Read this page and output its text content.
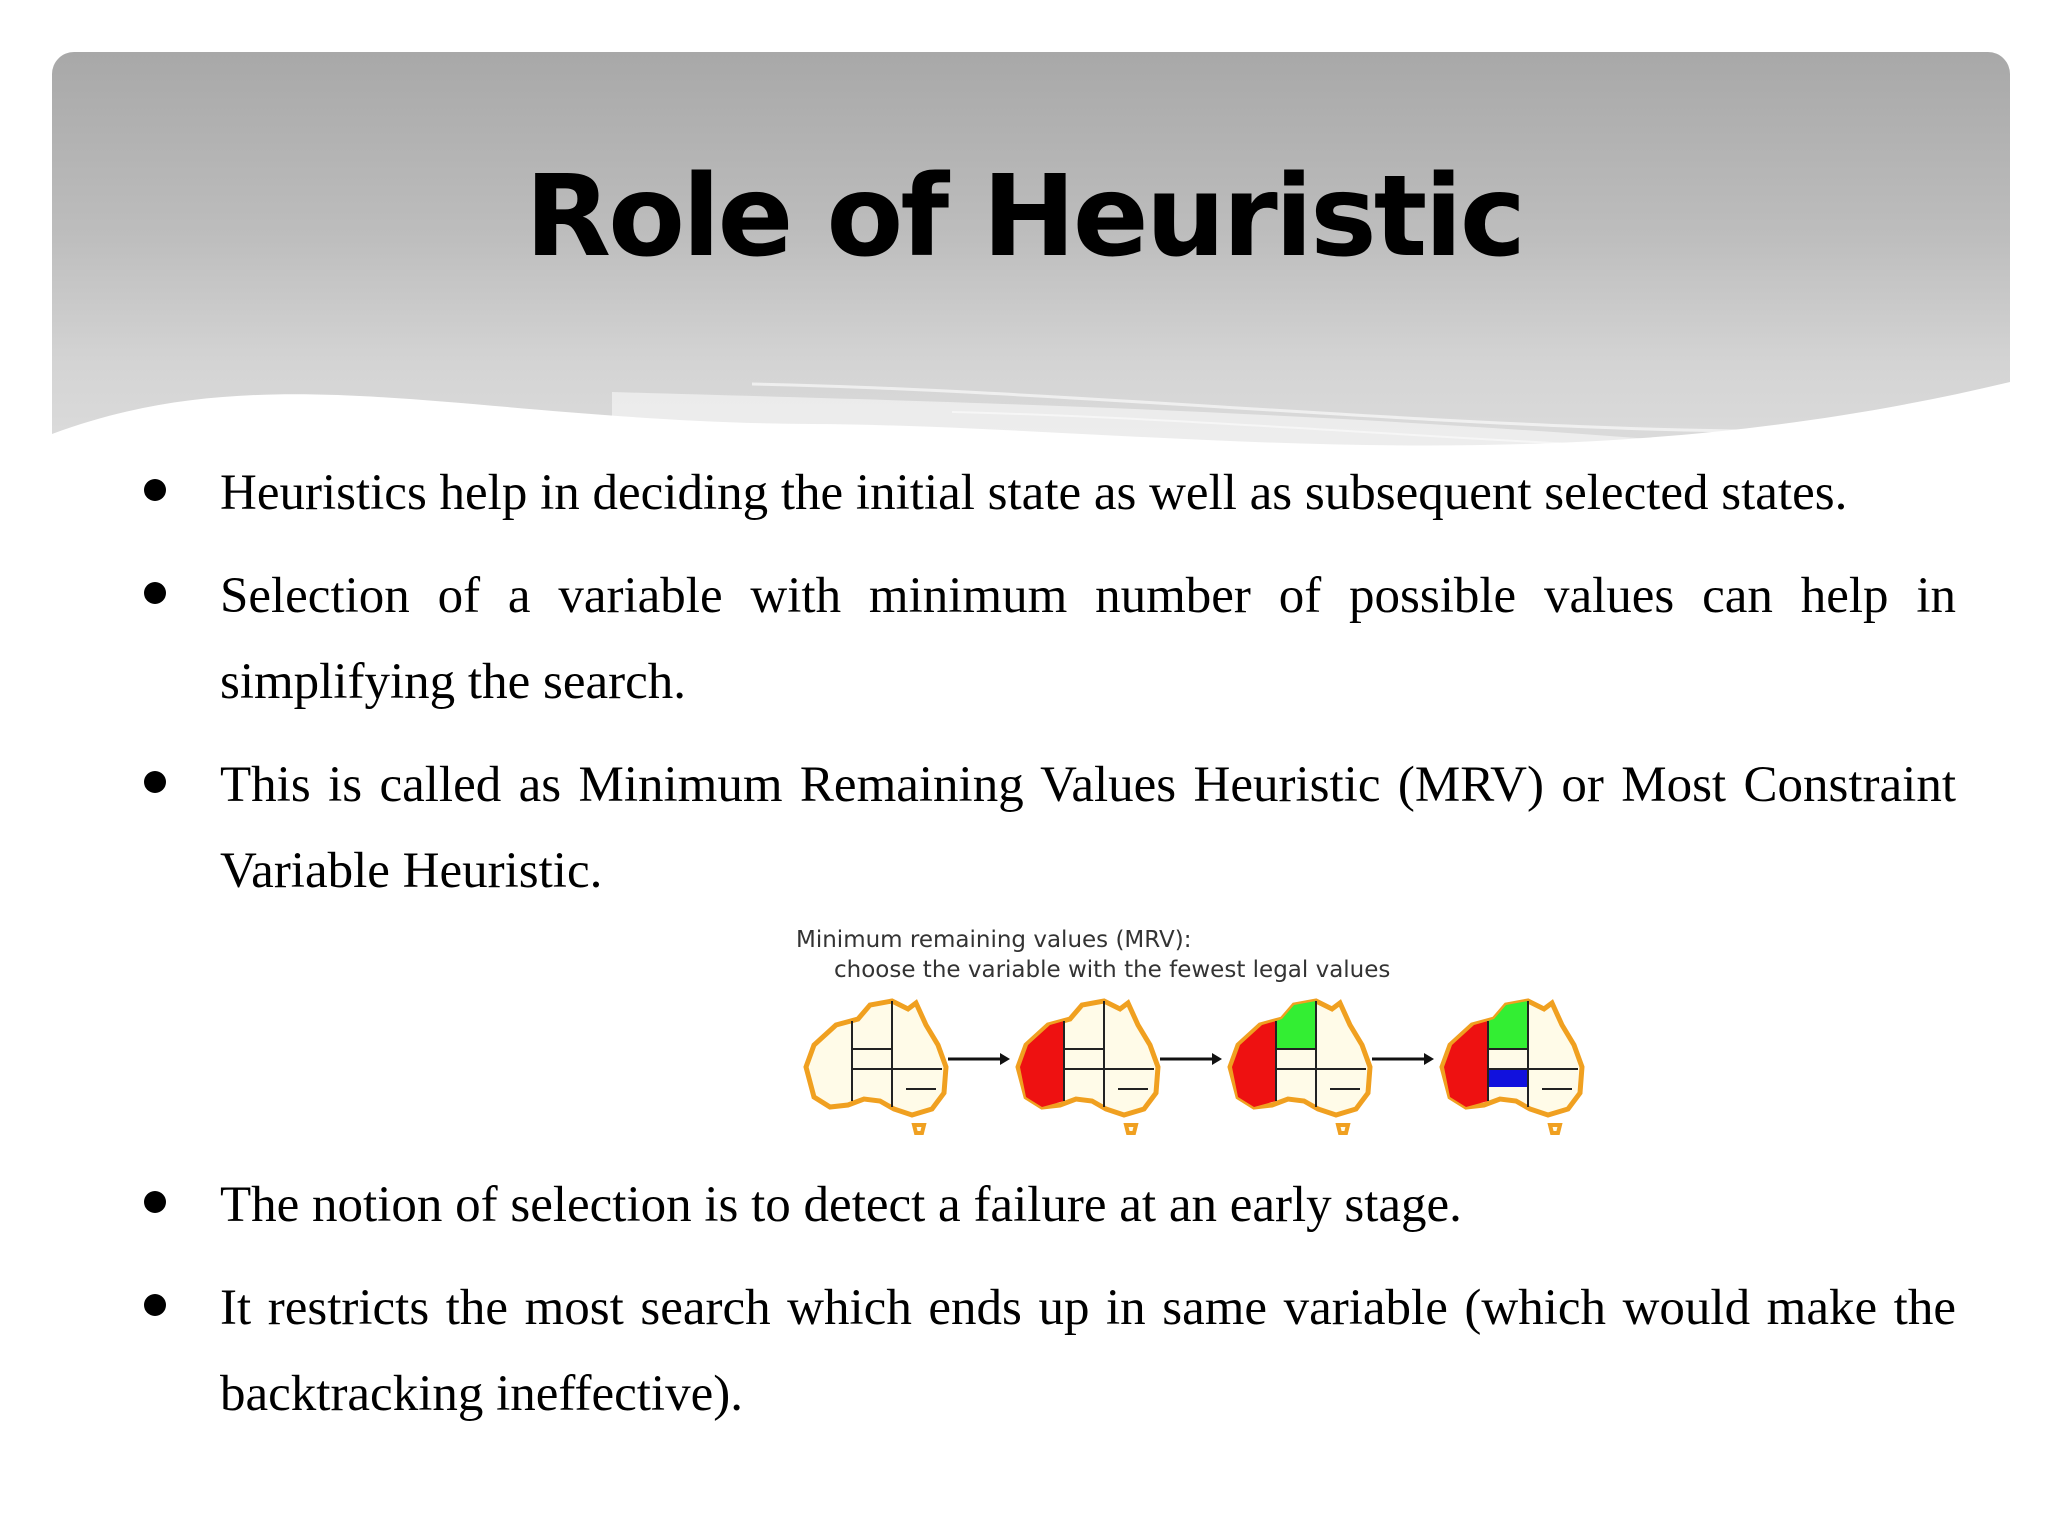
Role of Heuristic
Heuristics help in deciding the initial state as well as subsequent selected states.
Selection of a variable with minimum number of possible values can help in simplifying the search.
This is called as Minimum Remaining Values Heuristic (MRV) or Most Constraint Variable Heuristic.
Minimum remaining values (MRV):
choose the variable with the fewest legal values
The notion of selection is to detect a failure at an early stage.
It restricts the most search which ends up in same variable (which would make the backtracking ineffective).
